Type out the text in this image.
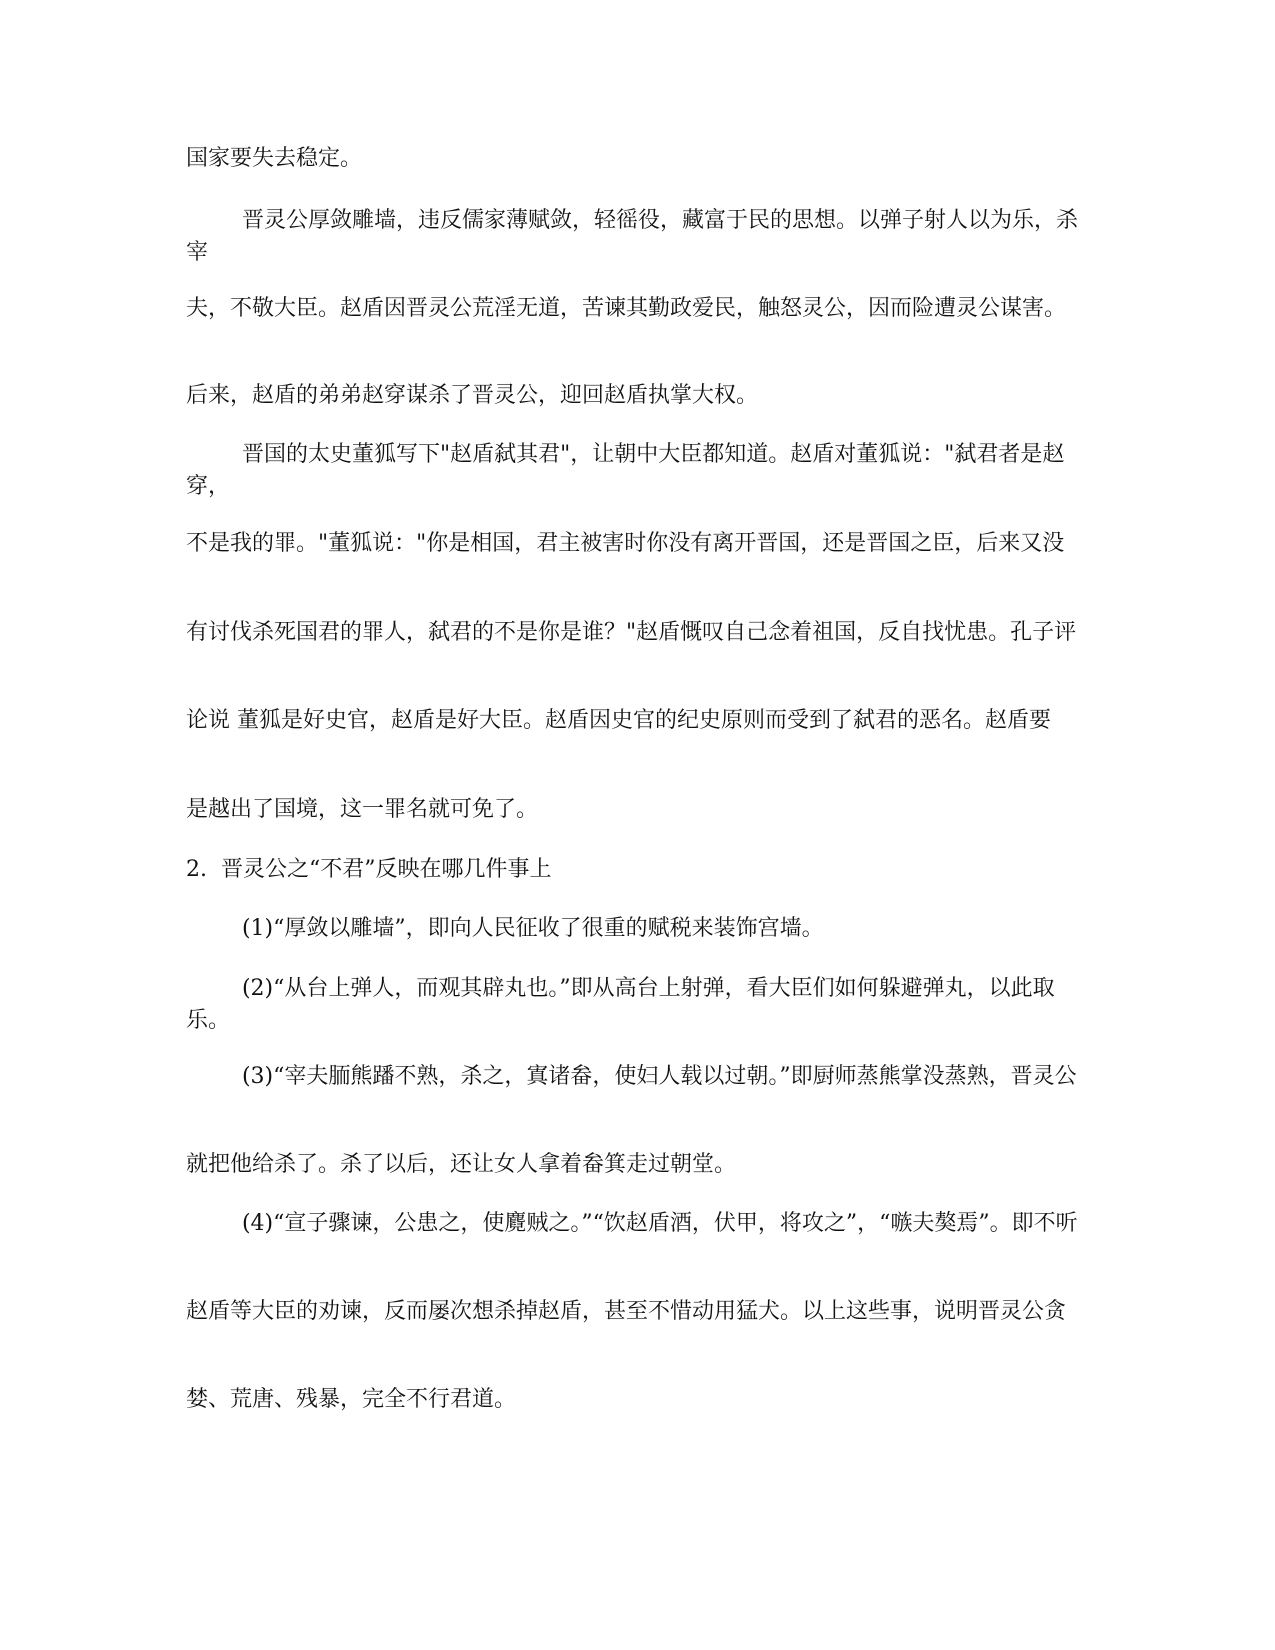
国家要失去稳定。

晋灵公厚敛雕墙，违反儒家薄赋敛，轻徭役，藏富于民的思想。以弹子射人以为乐，杀宰

夫，不敬大臣。赵盾因晋灵公荒淫无道，苦谏其勤政爱民，触怒灵公，因而险遭灵公谋害。

后来，赵盾的弟弟赵穿谋杀了晋灵公，迎回赵盾执掌大权。

晋国的太史董狐写下"赵盾弑其君"，让朝中大臣都知道。赵盾对董狐说："弑君者是赵穿，

不是我的罪。"董狐说："你是相国，君主被害时你没有离开晋国，还是晋国之臣，后来又没

有讨伐杀死国君的罪人，弑君的不是你是谁？"赵盾慨叹自己念着祖国，反自找忧患。孔子评

论说 董狐是好史官，赵盾是好大臣。赵盾因史官的纪史原则而受到了弑君的恶名。赵盾要

是越出了国境，这一罪名就可免了。

2.  晋灵公之“不君”反映在哪几件事上

(1)“厚敛以雕墙”，即向人民征收了很重的赋税来装饰宫墙。

(2)“从台上弹人，而观其辟丸也。”即从高台上射弹，看大臣们如何躲避弹丸，以此取乐。

(3)“宰夫胹熊蹯不熟，杀之，寘诸畚，使妇人载以过朝。”即厨师蒸熊掌没蒸熟，晋灵公

就把他给杀了。杀了以后，还让女人拿着畚箕走过朝堂。

(4)“宣子骤谏，公患之，使麑贼之。”“饮赵盾酒，伏甲，将攻之”，“嗾夫獒焉”。即不听

赵盾等大臣的劝谏，反而屡次想杀掉赵盾，甚至不惜动用猛犬。以上这些事，说明晋灵公贪

婪、荒唐、残暴，完全不行君道。
